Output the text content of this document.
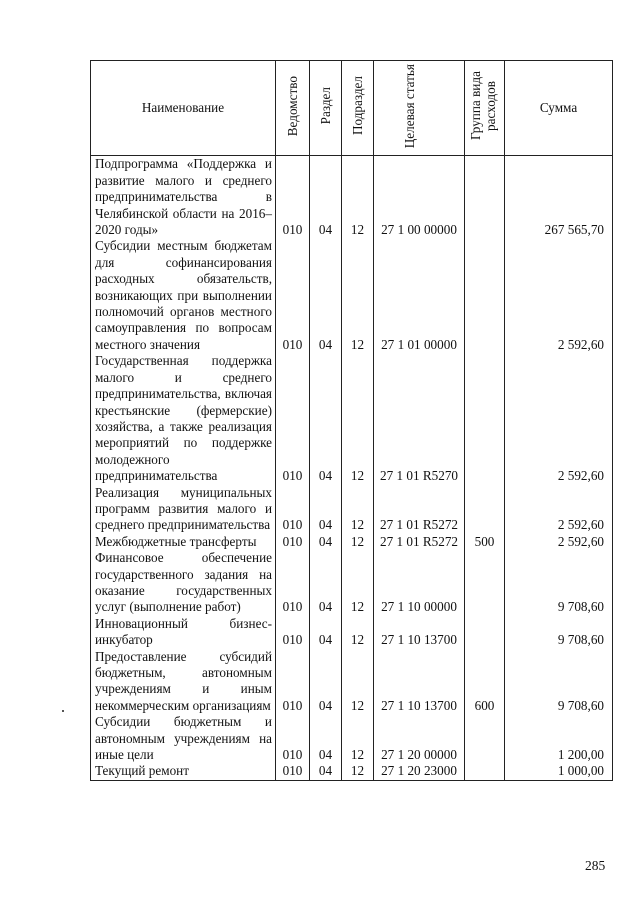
Наименование	Ведомство	Раздел	Подраздел	Целевая статья	Группа вида расходов	Сумма
Подпрограмма «Поддержка и развитие малого и среднего предпринимательства в Челябинской области на 2016–2020 годы»	010	04	12	27 1 00 00000		267 565,70
Субсидии местным бюджетам для софинансирования расходных обязательств, возникающих при выполнении полномочий органов местного самоуправления по вопросам местного значения	010	04	12	27 1 01 00000		2 592,60
Государственная поддержка малого и среднего предпринимательства, включая крестьянские (фермерские) хозяйства, а также реализация мероприятий по поддержке молодежного предпринимательства	010	04	12	27 1 01 R5270		2 592,60
Реализация муниципальных программ развития малого и среднего предпринимательства	010	04	12	27 1 01 R5272		2 592,60
Межбюджетные трансферты	010	04	12	27 1 01 R5272	500	2 592,60
Финансовое обеспечение государственного задания на оказание государственных услуг (выполнение работ)	010	04	12	27 1 10 00000		9 708,60
Инновационный бизнес-инкубатор	010	04	12	27 1 10 13700		9 708,60
Предоставление субсидий бюджетным, автономным учреждениям и иным некоммерческим организациям	010	04	12	27 1 10 13700	600	9 708,60
Субсидии бюджетным и автономным учреждениям на иные цели	010	04	12	27 1 20 00000		1 200,00
Текущий ремонт	010	04	12	27 1 20 23000		1 000,00
285
